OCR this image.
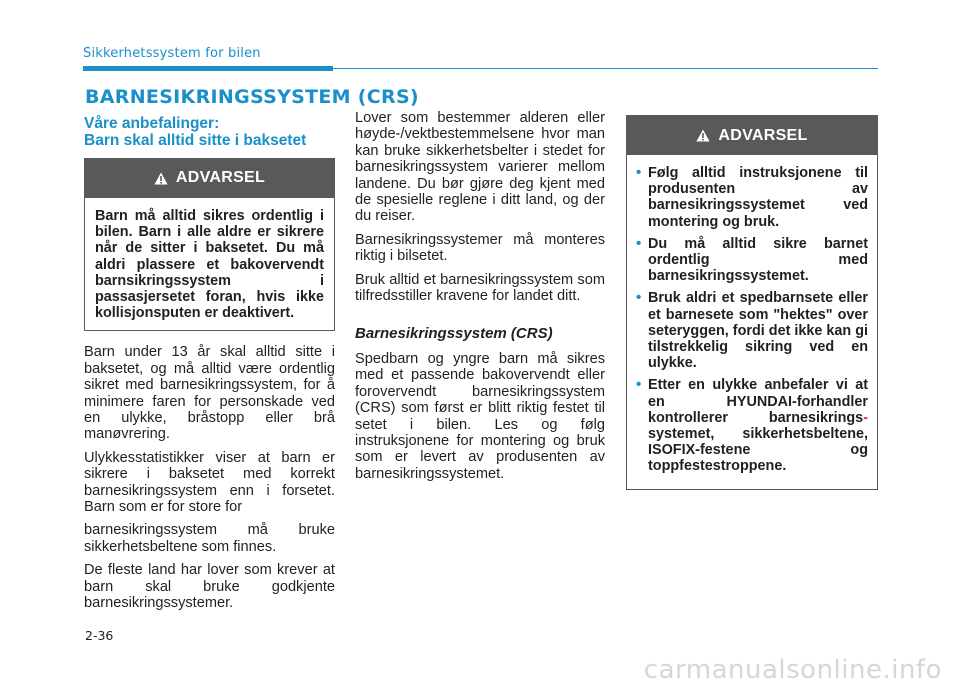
Sikkerhetssystem for bilen
BARNESIKRINGSSYSTEM (CRS)
Våre anbefalinger:
Barn skal alltid sitte i baksetet
ADVARSEL
Barn må alltid sikres ordentlig i bilen. Barn i alle aldre er sikrere når de sitter i baksetet. Du må aldri plassere et bakovervendt barnsikringssystem i passasjersetet foran, hvis ikke kollisjonsputen er deaktivert.

Barn under 13 år skal alltid sitte i baksetet, og må alltid være ordentlig sikret med barnesikringssystem, for å minimere faren for personskade ved en ulykke, bråstopp eller brå manøvrering.

Ulykkesstatistikker viser at barn er sikrere i baksetet med korrekt barnesikringssystem enn i forsetet. Barn som er for store for

barnesikringssystem må bruke sikkerhetsbeltene som finnes.

De fleste land har lover som krever at barn skal bruke godkjente barnesikringssystemer.

Lover som bestemmer alderen eller høyde-/vektbestemmelsene hvor man kan bruke sikkerhetsbelter i stedet for barnesikringssystem varierer mellom landene. Du bør gjøre deg kjent med de spesielle reglene i ditt land, og der du reiser.

Barnesikringssystemer må monteres riktig i bilsetet.

Bruk alltid et barnesikringssystem som tilfredsstiller kravene for landet ditt.

Barnesikringssystem (CRS)

Spedbarn og yngre barn må sikres med et passende bakovervendt eller forovervendt barnesikringssystem (CRS) som først er blitt riktig festet til setet i bilen. Les og følg instruksjonene for montering og bruk som er levert av produsenten av barnesikringssystemet.

ADVARSEL
• Følg alltid instruksjonene til produsenten av barnesikringssystemet ved montering og bruk.
• Du må alltid sikre barnet ordentlig med barnesikringssystemet.
• Bruk aldri et spedbarnsete eller et barnesete som "hektes" over seteryggen, fordi det ikke kan gi tilstrekkelig sikring ved en ulykke.
• Etter en ulykke anbefaler vi at en HYUNDAI-forhandler kontrollerer barnesikrings- systemet, sikkerhetsbeltene, ISOFIX-festene og toppfestestroppene.
2-36
carmanualsonline.info
